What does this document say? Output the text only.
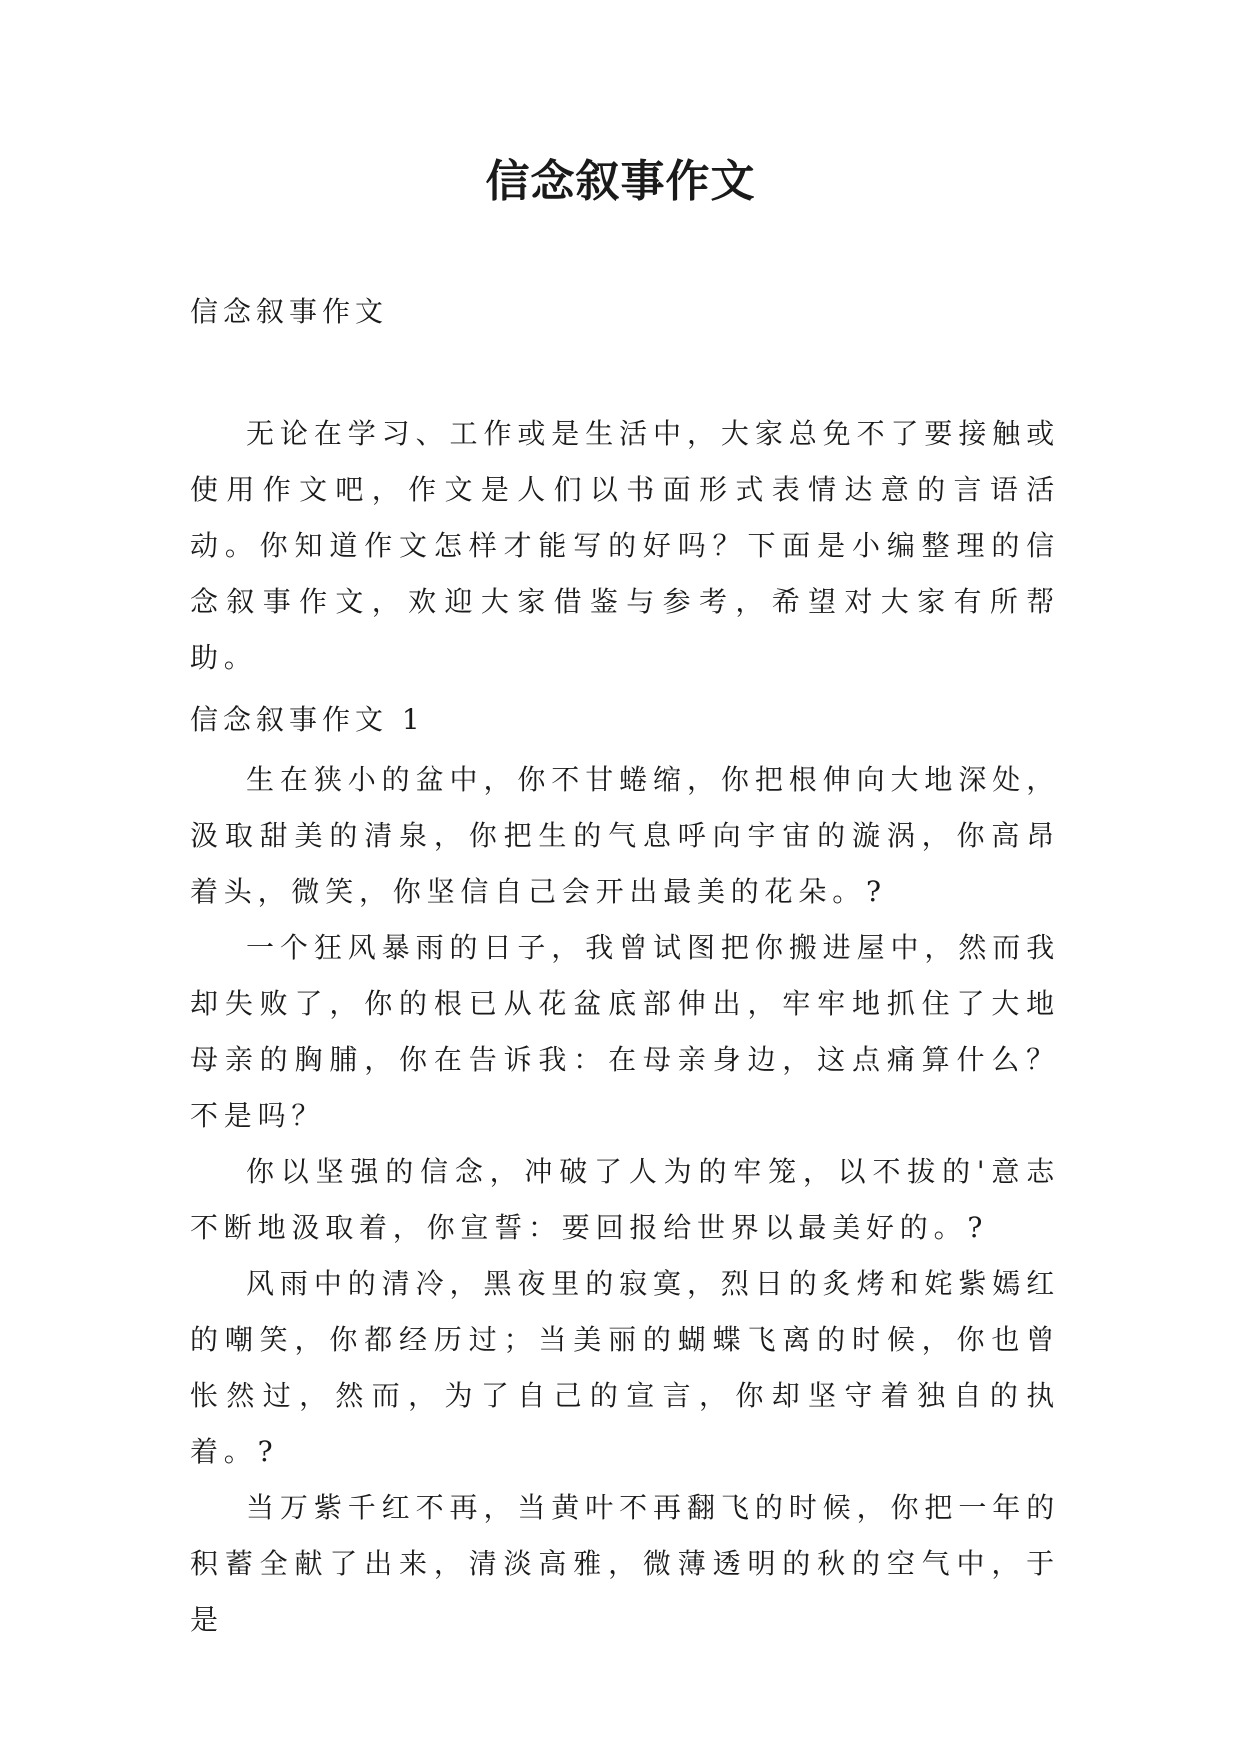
信念叙事作文
信念叙事作文

无论在学习、工作或是生活中，大家总免不了要接触或使用作文吧，作文是人们以书面形式表情达意的言语活动。你知道作文怎样才能写的好吗？下面是小编整理的信念叙事作文，欢迎大家借鉴与参考，希望对大家有所帮助。

信念叙事作文 1

生在狭小的盆中，你不甘蜷缩，你把根伸向大地深处，汲取甜美的清泉，你把生的气息呼向宇宙的漩涡，你高昂着头，微笑，你坚信自己会开出最美的花朵。?

一个狂风暴雨的日子，我曾试图把你搬进屋中，然而我却失败了，你的根已从花盆底部伸出，牢牢地抓住了大地母亲的胸脯，你在告诉我：在母亲身边，这点痛算什么？不是吗？

你以坚强的信念，冲破了人为的牢笼，以不拔的'意志不断地汲取着，你宣誓：要回报给世界以最美好的。?

风雨中的清冷，黑夜里的寂寞，烈日的炙烤和姹紫嫣红的嘲笑，你都经历过；当美丽的蝴蝶飞离的时候，你也曾怅然过，然而，为了自己的宣言，你却坚守着独自的执着。?

当万紫千红不再，当黄叶不再翻飞的时候，你把一年的积蓄全献了出来，清淡高雅，微薄透明的秋的空气中，于是
